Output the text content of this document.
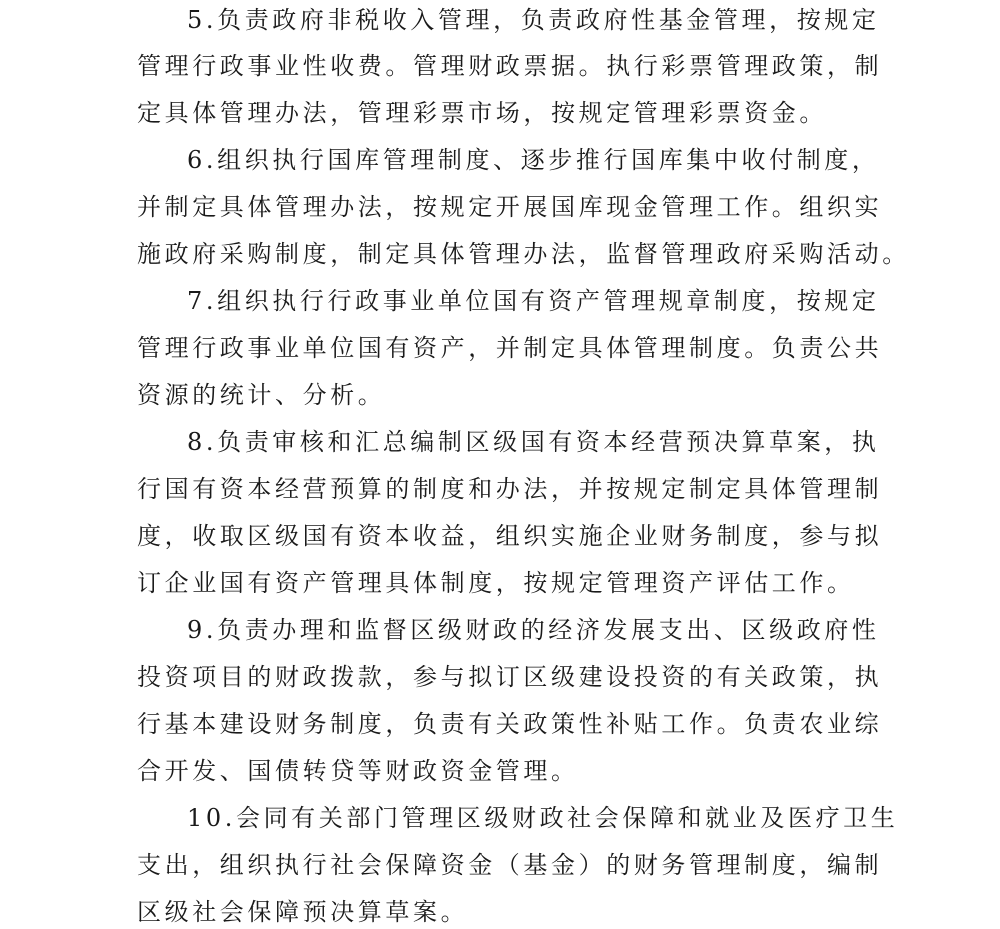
5.负责政府非税收入管理，负责政府性基金管理，按规定
管理行政事业性收费。管理财政票据。执行彩票管理政策，制
定具体管理办法，管理彩票市场，按规定管理彩票资金。
6.组织执行国库管理制度、逐步推行国库集中收付制度，
并制定具体管理办法，按规定开展国库现金管理工作。组织实
施政府采购制度，制定具体管理办法，监督管理政府采购活动。
7.组织执行行政事业单位国有资产管理规章制度，按规定
管理行政事业单位国有资产，并制定具体管理制度。负责公共
资源的统计、分析。
8.负责审核和汇总编制区级国有资本经营预决算草案，执
行国有资本经营预算的制度和办法，并按规定制定具体管理制
度，收取区级国有资本收益，组织实施企业财务制度，参与拟
订企业国有资产管理具体制度，按规定管理资产评估工作。
9.负责办理和监督区级财政的经济发展支出、区级政府性
投资项目的财政拨款，参与拟订区级建设投资的有关政策，执
行基本建设财务制度，负责有关政策性补贴工作。负责农业综
合开发、国债转贷等财政资金管理。
10.会同有关部门管理区级财政社会保障和就业及医疗卫生
支出，组织执行社会保障资金（基金）的财务管理制度，编制
区级社会保障预决算草案。
